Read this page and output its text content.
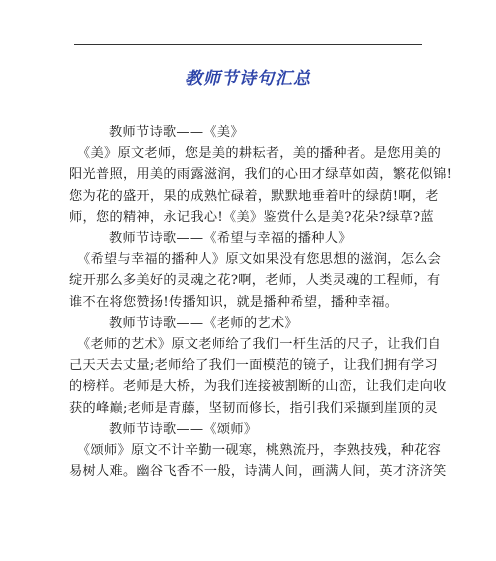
教师节诗句汇总

教师节诗歌——《美》

《美》原文老师，您是美的耕耘者，美的播种者。是您用美的

阳光普照，用美的雨露滋润，我们的心田才绿草如茵，繁花似锦!

您为花的盛开，果的成熟忙碌着，默默地垂着叶的绿荫!啊，老

师，您的精神，永记我心!《美》鉴赏什么是美?花朵?绿草?蓝

教师节诗歌——《希望与幸福的播种人》

《希望与幸福的播种人》原文如果没有您思想的滋润，怎么会

绽开那么多美好的灵魂之花?啊，老师，人类灵魂的工程师，有

谁不在将您赞扬!传播知识，就是播种希望，播种幸福。

教师节诗歌——《老师的艺术》

《老师的艺术》原文老师给了我们一杆生活的尺子，让我们自

己天天去丈量;老师给了我们一面模范的镜子，让我们拥有学习

的榜样。老师是大桥，为我们连接被割断的山峦，让我们走向收

获的峰巅;老师是青藤，坚韧而修长，指引我们采撷到崖顶的灵

教师节诗歌——《颂师》

《颂师》原文不计辛勤一砚寒，桃熟流丹，李熟技残，种花容

易树人难。幽谷飞香不一般，诗满人间，画满人间，英才济济笑
